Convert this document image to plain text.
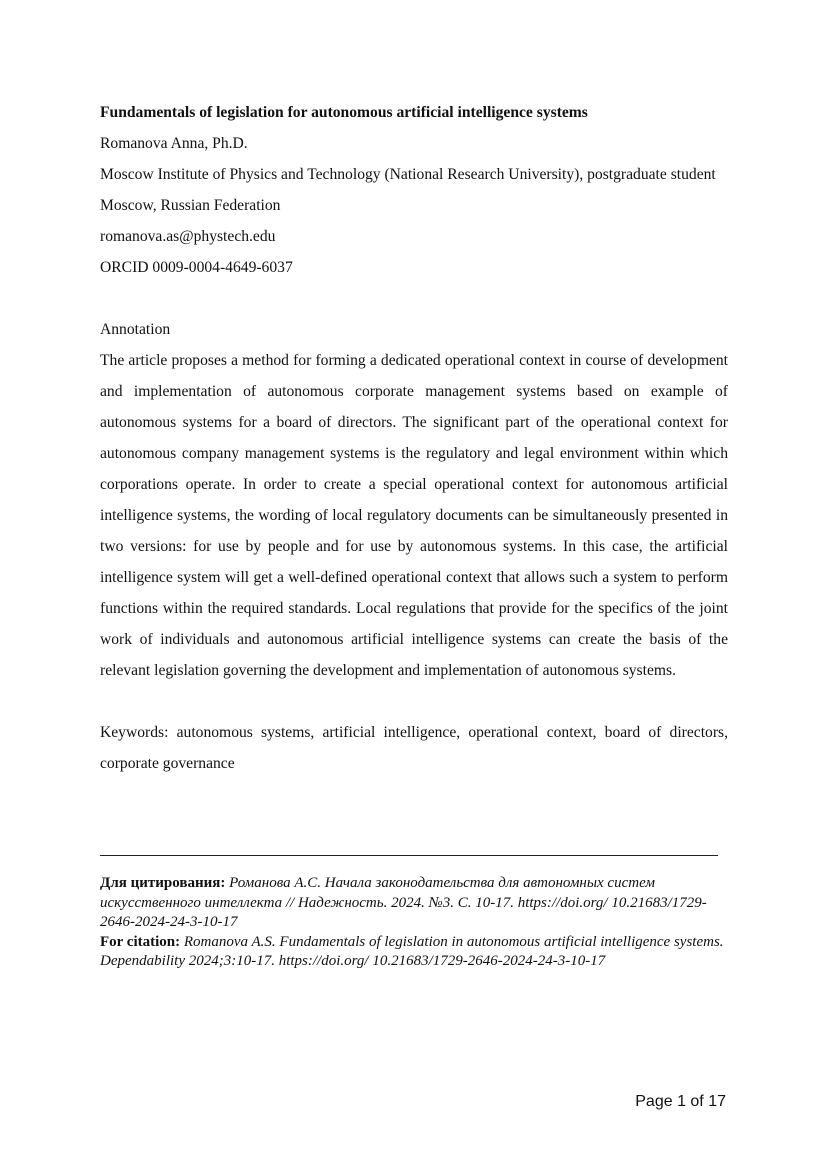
Fundamentals of legislation for autonomous artificial intelligence systems

Romanova Anna, Ph.D.

Moscow Institute of Physics and Technology (National Research University), postgraduate student

Moscow, Russian Federation

romanova.as@phystech.edu

ORCID 0009-0004-4649-6037

Annotation

The article proposes a method for forming a dedicated operational context in course of development and implementation of autonomous corporate management systems based on example of autonomous systems for a board of directors. The significant part of the operational context for autonomous company management systems is the regulatory and legal environment within which corporations operate. In order to create a special operational context for autonomous artificial intelligence systems, the wording of local regulatory documents can be simultaneously presented in two versions: for use by people and for use by autonomous systems. In this case, the artificial intelligence system will get a well-defined operational context that allows such a system to perform functions within the required standards. Local regulations that provide for the specifics of the joint work of individuals and autonomous artificial intelligence systems can create the basis of the relevant legislation governing the development and implementation of autonomous systems.

Keywords: autonomous systems, artificial intelligence, operational context, board of directors, corporate governance

Для цитирования: Романова А.С. Начала законодательства для автономных систем искусственного интеллекта // Надежность. 2024. №3. С. 10-17. https://doi.org/ 10.21683/1729- 2646-2024-24-3-10-17

For citation: Romanova A.S. Fundamentals of legislation in autonomous artificial intelligence systems. Dependability 2024;3:10-17. https://doi.org/ 10.21683/1729-2646-2024-24-3-10-17

Page 1 of 17
